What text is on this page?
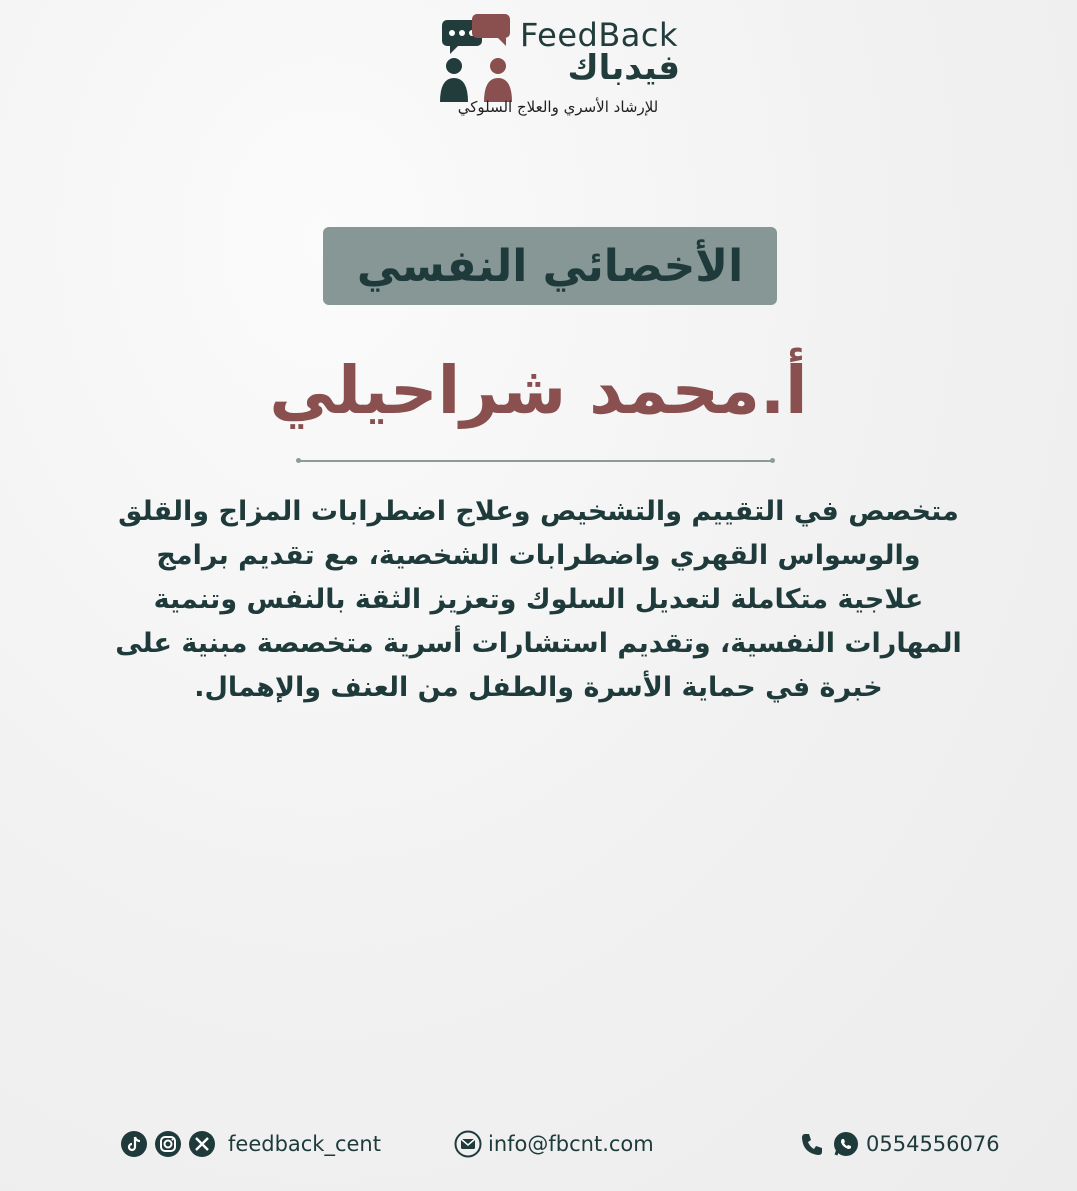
FeedBack
فيدباك
للإرشاد الأسري والعلاج السلوكي
الأخصائي النفسي
أ.محمد شراحيلي
متخصص في التقييم والتشخيص وعلاج اضطرابات المزاج والقلق والوسواس القهري واضطرابات الشخصية، مع تقديم برامج علاجية متكاملة لتعديل السلوك وتعزيز الثقة بالنفس وتنمية المهارات النفسية، وتقديم استشارات أسرية متخصصة مبنية على خبرة في حماية الأسرة والطفل من العنف والإهمال.
feedback_cent	info@fbcnt.com	0554556076
